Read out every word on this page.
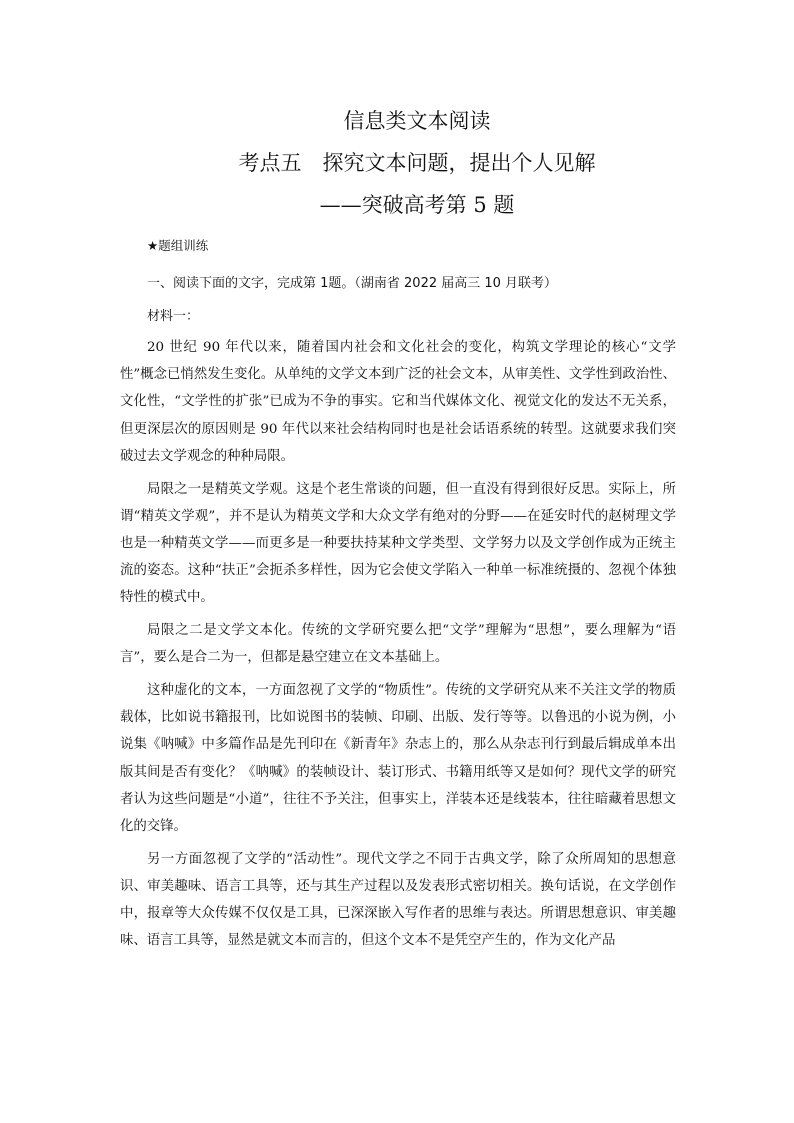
信息类文本阅读
考点五　探究文本问题，提出个人见解
——突破高考第 5 题
★题组训练
一、阅读下面的文字，完成第 1题。（湖南省 2022 届高三 10 月联考）
材料一：

20 世纪 90 年代以来，随着国内社会和文化社会的变化，构筑文学理论的核心“文学性”概念已悄然发生变化。从单纯的文学文本到广泛的社会文本，从审美性、文学性到政治性、文化性，“文学性的扩张”已成为不争的事实。它和当代媒体文化、视觉文化的发达不无关系，但更深层次的原因则是 90 年代以来社会结构同时也是社会话语系统的转型。这就要求我们突破过去文学观念的种种局限。

局限之一是精英文学观。这是个老生常谈的问题，但一直没有得到很好反思。实际上，所谓“精英文学观”，并不是认为精英文学和大众文学有绝对的分野——在延安时代的赵树理文学也是一种精英文学——而更多是一种要扶持某种文学类型、文学努力以及文学创作成为正统主流的姿态。这种“扶正”会扼杀多样性，因为它会使文学陷入一种单一标准统摄的、忽视个体独特性的模式中。

局限之二是文学文本化。传统的文学研究要么把“文学”理解为“思想”，要么理解为“语言”，要么是合二为一，但都是悬空建立在文本基础上。

这种虚化的文本，一方面忽视了文学的“物质性”。传统的文学研究从来不关注文学的物质载体，比如说书籍报刊，比如说图书的装帧、印刷、出版、发行等等。以鲁迅的小说为例，小说集《呐喊》中多篇作品是先刊印在《新青年》杂志上的，那么从杂志刊行到最后辑成单本出版其间是否有变化？《呐喊》的装帧设计、装订形式、书籍用纸等又是如何？现代文学的研究者认为这些问题是“小道”，往往不予关注，但事实上，洋装本还是线装本，往往暗藏着思想文化的交锋。

另一方面忽视了文学的“活动性”。现代文学之不同于古典文学，除了众所周知的思想意识、审美趣味、语言工具等，还与其生产过程以及发表形式密切相关。换句话说，在文学创作中，报章等大众传媒不仅仅是工具，已深深嵌入写作者的思维与表达。所谓思想意识、审美趣味、语言工具等，显然是就文本而言的，但这个文本不是凭空产生的，作为文化产品
